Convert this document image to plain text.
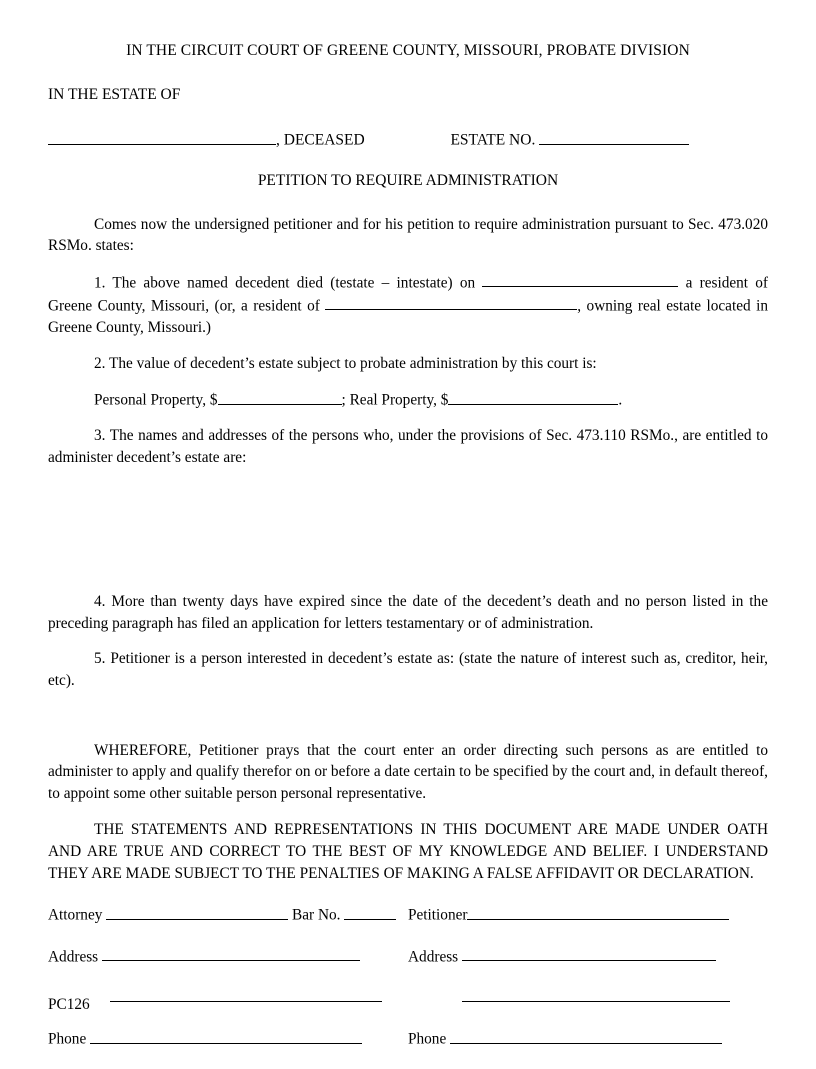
IN THE CIRCUIT COURT OF GREENE COUNTY, MISSOURI, PROBATE DIVISION
IN THE ESTATE OF
, DECEASED	ESTATE NO.
PETITION TO REQUIRE ADMINISTRATION

Comes now the undersigned petitioner and for his petition to require administration pursuant to Sec. 473.020 RSMo. states:

1. The above named decedent died (testate – intestate) on	a resident of Greene County, Missouri, (or, a resident of	, owning real estate located in Greene County, Missouri.)

2. The value of decedent’s estate subject to probate administration by this court is:

Personal Property, $	; Real Property, $	.

3. The names and addresses of the persons who, under the provisions of Sec. 473.110 RSMo., are entitled to administer decedent’s estate are:

4. More than twenty days have expired since the date of the decedent’s death and no person listed in the preceding paragraph has filed an application for letters testamentary or of administration.

5. Petitioner is a person interested in decedent’s estate as: (state the nature of interest such as, creditor, heir, etc).

WHEREFORE, Petitioner prays that the court enter an order directing such persons as are entitled to administer to apply and qualify therefor on or before a date certain to be specified by the court and, in default thereof, to appoint some other suitable person personal representative.

THE STATEMENTS AND REPRESENTATIONS IN THIS DOCUMENT ARE MADE UNDER OATH AND ARE TRUE AND CORRECT TO THE BEST OF MY KNOWLEDGE AND BELIEF. I UNDERSTAND THEY ARE MADE SUBJECT TO THE PENALTIES OF MAKING A FALSE AFFIDAVIT OR DECLARATION.

Attorney Bar No.	Petitioner
Address	Address

Phone	Phone
PC126
